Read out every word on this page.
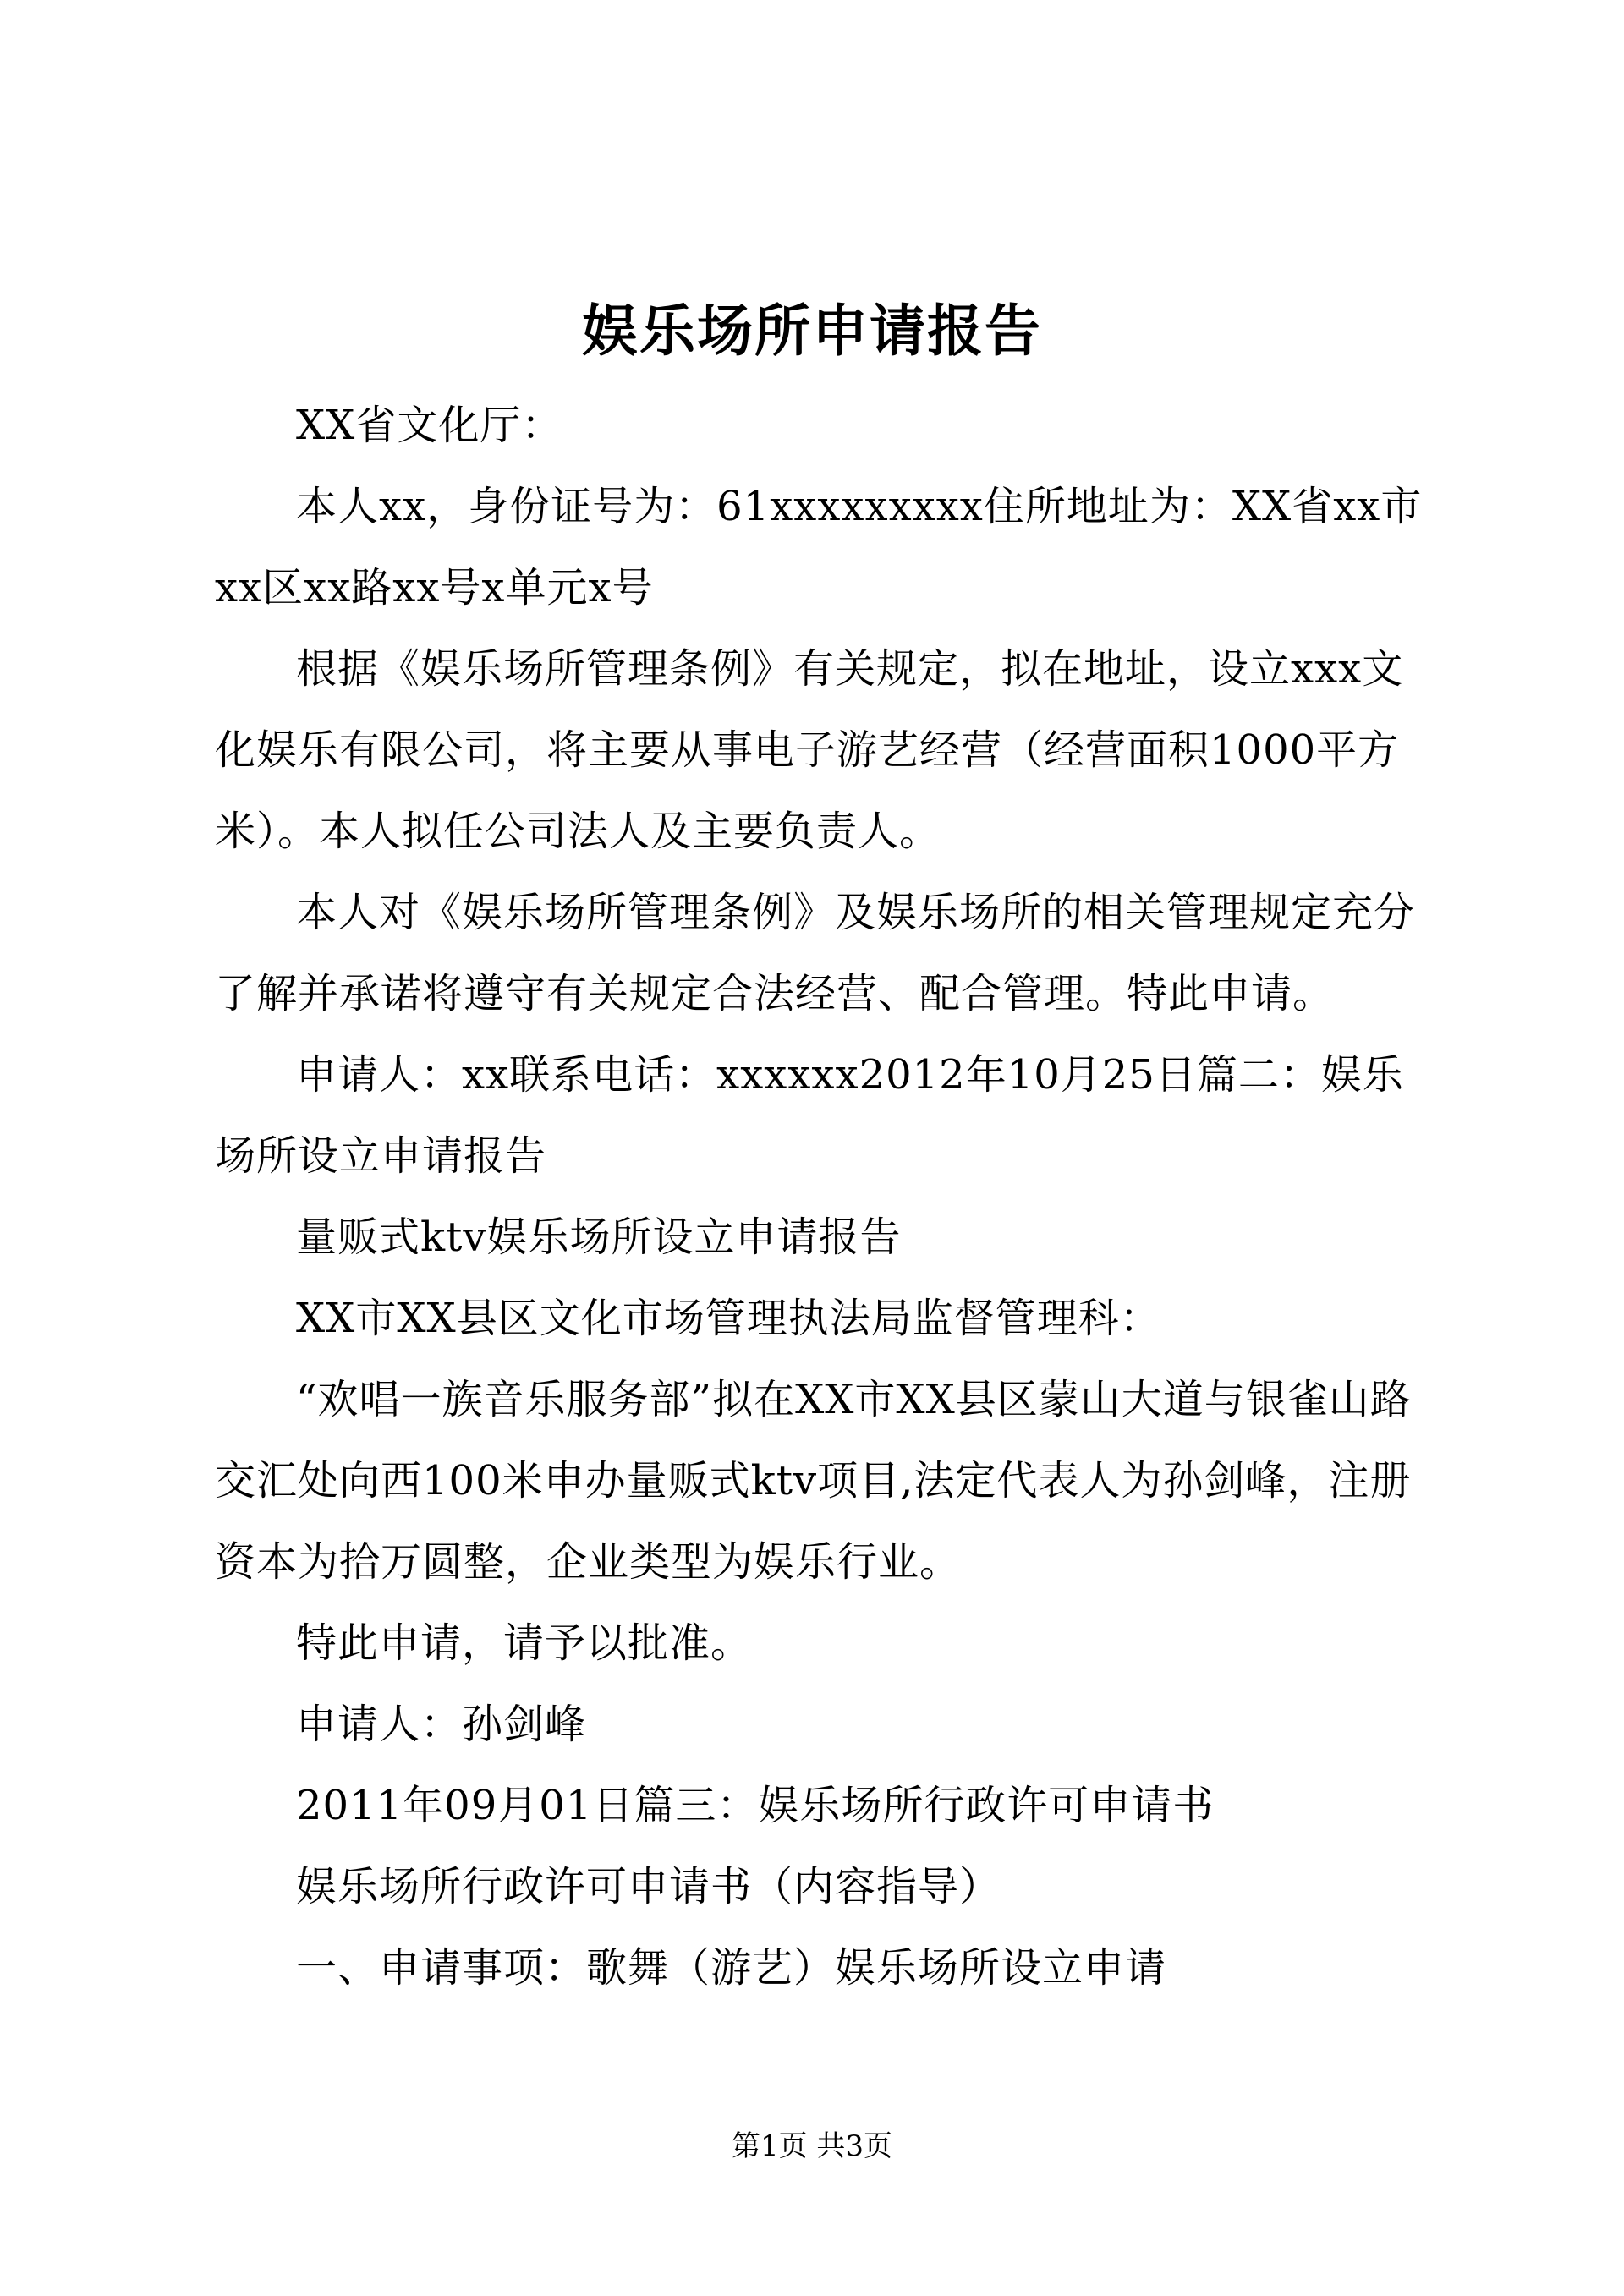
娱乐场所申请报告

XX省文化厅：

本人xx，身份证号为：61xxxxxxxxx住所地址为：XX省xx市xx区xx路xx号x单元x号

根据《娱乐场所管理条例》有关规定，拟在地址，设立xxx文化娱乐有限公司，将主要从事电子游艺经营（经营面积1000平方米）。本人拟任公司法人及主要负责人。

本人对《娱乐场所管理条例》及娱乐场所的相关管理规定充分了解并承诺将遵守有关规定合法经营、配合管理。特此申请。

申请人：xx联系电话：xxxxxx2012年10月25日篇二：娱乐场所设立申请报告

量贩式ktv娱乐场所设立申请报告

XX市XX县区文化市场管理执法局监督管理科：

“欢唱一族音乐服务部”拟在XX市XX县区蒙山大道与银雀山路交汇处向西100米申办量贩式ktv项目,法定代表人为孙剑峰，注册资本为拾万圆整，企业类型为娱乐行业。

特此申请，请予以批准。

申请人：孙剑峰

2011年09月01日篇三：娱乐场所行政许可申请书

娱乐场所行政许可申请书（内容指导）

一、申请事项：歌舞（游艺）娱乐场所设立申请

第1页 共3页
